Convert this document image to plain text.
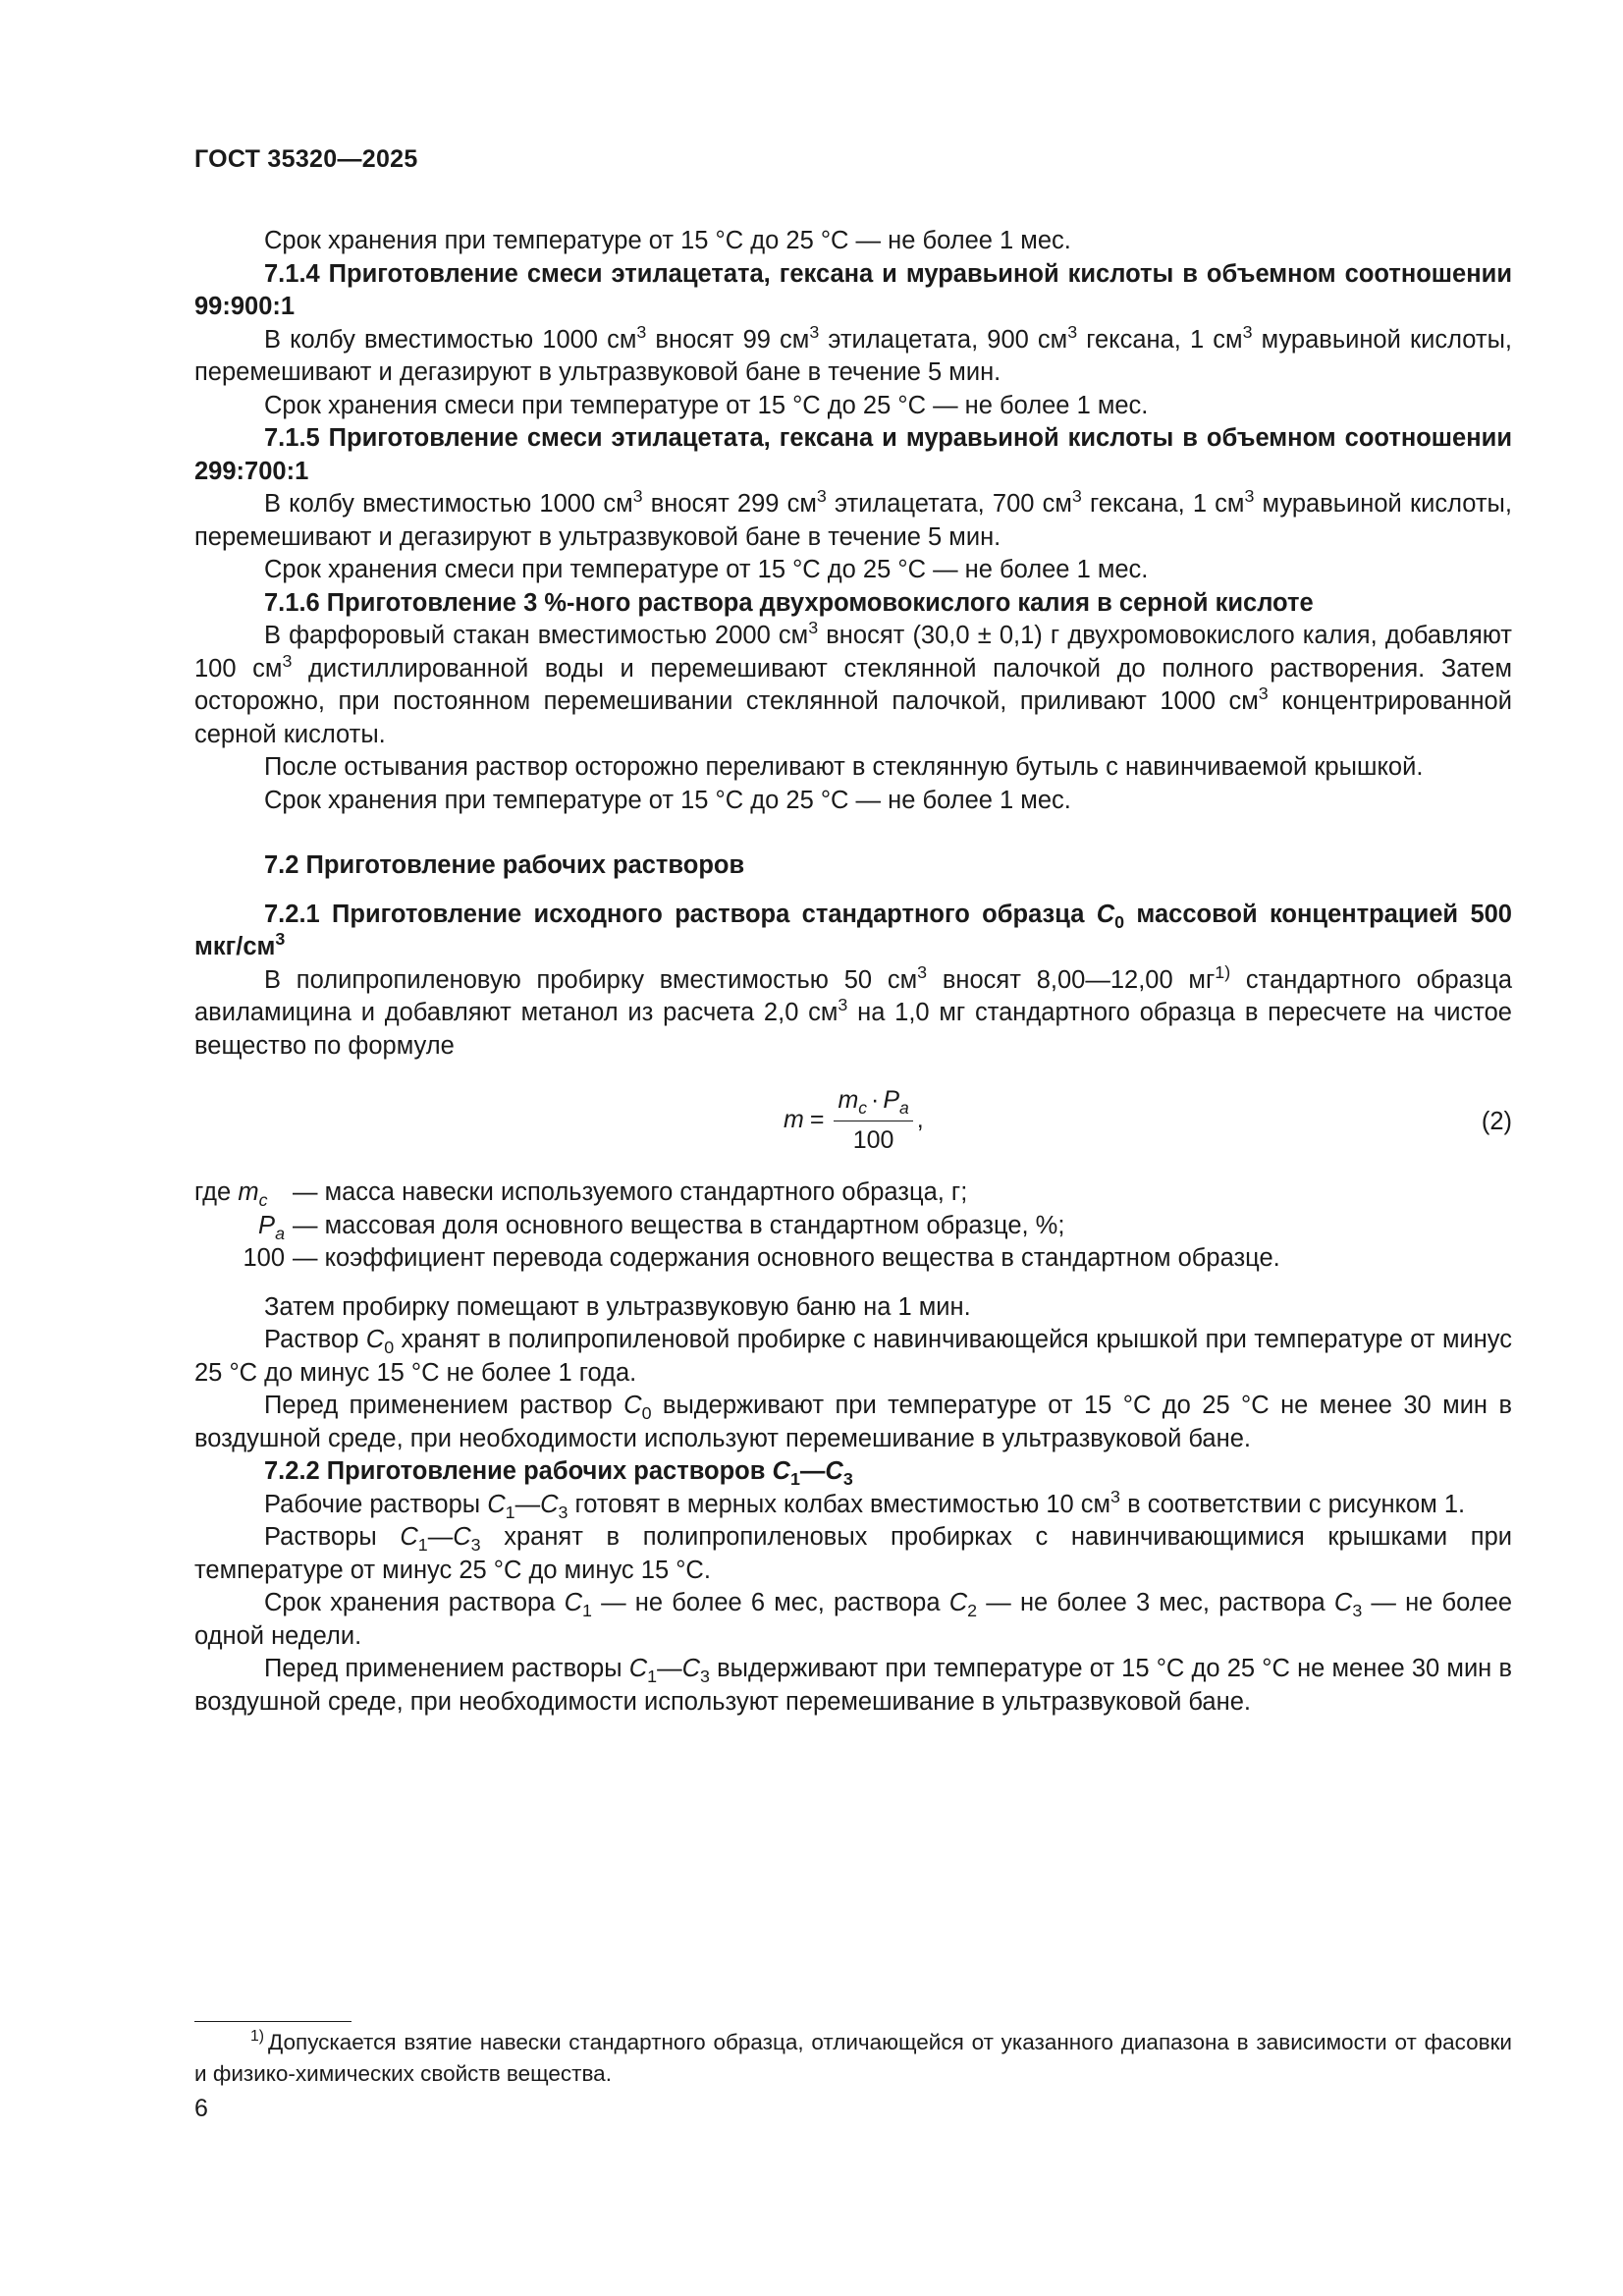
ГОСТ 35320—2025

Срок хранения при температуре от 15 °С до 25 °С — не более 1 мес.

7.1.4 Приготовление смеси этилацетата, гексана и муравьиной кислоты в объемном соотношении 99:900:1

В колбу вместимостью 1000 $см^3$ вносят 99 $см^3$ этилацетата, 900 $см^3$ гексана, 1 $см^3$ муравьиной кислоты, перемешивают и дегазируют в ультразвуковой бане в течение 5 мин.

Срок хранения смеси при температуре от 15 °С до 25 °С — не более 1 мес.

7.1.5 Приготовление смеси этилацетата, гексана и муравьиной кислоты в объемном соотношении 299:700:1

В колбу вместимостью 1000 $см^3$ вносят 299 $см^3$ этилацетата, 700 $см^3$ гексана, 1 $см^3$ муравьиной кислоты, перемешивают и дегазируют в ультразвуковой бане в течение 5 мин.

Срок хранения смеси при температуре от 15 °С до 25 °С — не более 1 мес.

7.1.6 Приготовление 3 %-ного раствора двухромовокислого калия в серной кислоте

В фарфоровый стакан вместимостью 2000 $см^3$ вносят (30,0 ± 0,1) г двухромовокислого калия, добавляют 100 $см^3$ дистиллированной воды и перемешивают стеклянной палочкой до полного растворения. Затем осторожно, при постоянном перемешивании стеклянной палочкой, приливают 1000 $см^3$ концентрированной серной кислоты.

После остывания раствор осторожно переливают в стеклянную бутыль с навинчиваемой крышкой.

Срок хранения при температуре от 15 °С до 25 °С — не более 1 мес.

7.2 Приготовление рабочих растворов

7.2.1 Приготовление исходного раствора стандартного образца $C_0$ массовой концентрацией 500 мкг/$см^3$

В полипропиленовую пробирку вместимостью 50 $см^3$ вносят 8,00—12,00 $мг^{1)}$ стандартного образца авиламицина и добавляют метанол из расчета 2,0 $см^3$ на 1,0 мг стандартного образца в пересчете на чистое вещество по формуле

$m = \frac{m_c \cdot P_a}{100}$ ,	(2)
где $m_c$	— масса навески используемого стандартного образца, г;
$P_a$ — массовая доля основного вещества в стандартном образце, %;
100 — коэффициент перевода содержания основного вещества в стандартном образце.

Затем пробирку помещают в ультразвуковую баню на 1 мин.

Раствор $C_0$ хранят в полипропиленовой пробирке с навинчивающейся крышкой при температуре от минус 25 °С до минус 15 °С не более 1 года.

Перед применением раствор $C_0$ выдерживают при температуре от 15 °С до 25 °С не менее 30 мин в воздушной среде, при необходимости используют перемешивание в ультразвуковой бане.

7.2.2 Приготовление рабочих растворов $C_1—C_3$

Рабочие растворы $C_1—C_3$ готовят в мерных колбах вместимостью 10 $см^3$ в соответствии с рисунком 1.

Растворы $C_1—C_3$ хранят в полипропиленовых пробирках с навинчивающимися крышками при температуре от минус 25 °С до минус 15 °С.

Срок хранения раствора $C_1$ — не более 6 мес, раствора $C_2$ — не более 3 мес, раствора $C_3$ — не более одной недели.

Перед применением растворы $C_1—C_3$ выдерживают при температуре от 15 °С до 25 °С не менее 30 мин в воздушной среде, при необходимости используют перемешивание в ультразвуковой бане.

$^{1)}$ Допускается взятие навески стандартного образца, отличающейся от указанного диапазона в зависимости от фасовки и физико-химических свойств вещества.
6
